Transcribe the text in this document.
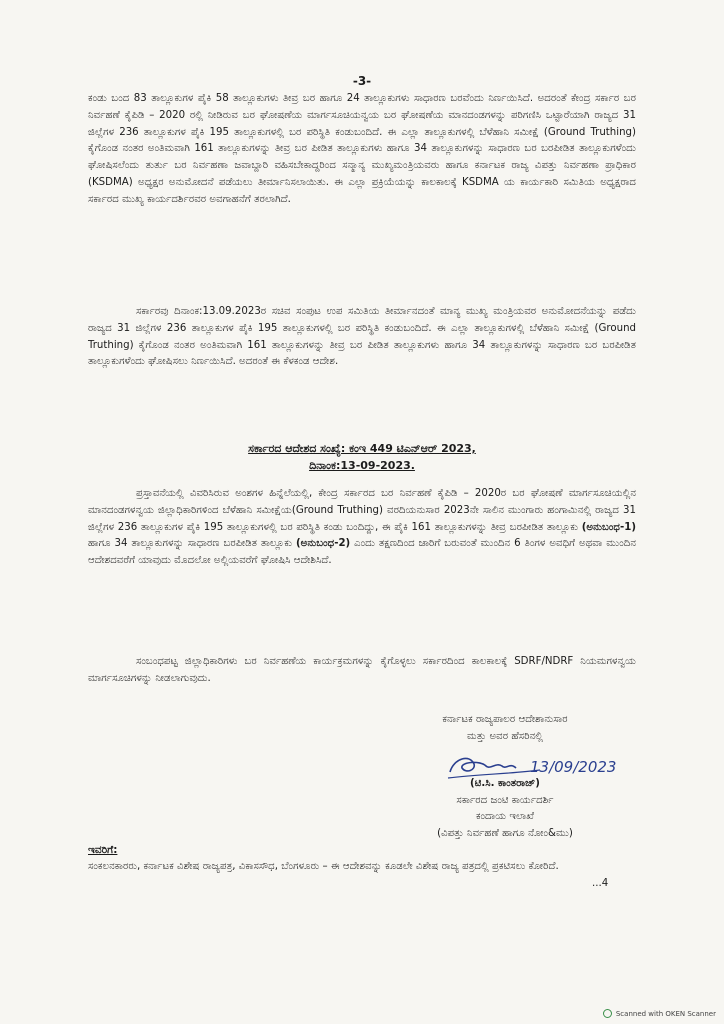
-3-

ಕಂಡು ಬಂದ 83 ತಾಲ್ಲೂಕುಗಳ ಪೈಕಿ 58 ತಾಲ್ಲೂಕುಗಳು ತೀವ್ರ ಬರ ಹಾಗೂ 24 ತಾಲ್ಲೂಕುಗಳು ಸಾಧಾರಣ ಬರವೆಂದು ನಿರ್ಣಯಿಸಿದೆ. ಅದರಂತೆ ಕೇಂದ್ರ ಸರ್ಕಾರ ಬರ ನಿರ್ವಹಣೆ ಕೈಪಿಡಿ – 2020 ರಲ್ಲಿ ನೀಡಿರುವ ಬರ ಘೋಷಣೆಯ ಮಾರ್ಗಸೂಚಿಯನ್ವಯ ಬರ ಘೋಷಣೆಯ ಮಾನದಂಡಗಳನ್ನು ಪರಿಗಣಿಸಿ ಒಟ್ಟಾರೆಯಾಗಿ ರಾಜ್ಯದ 31 ಜಿಲ್ಲೆಗಳ 236 ತಾಲ್ಲೂಕುಗಳ ಪೈಕಿ 195 ತಾಲ್ಲೂಕುಗಳಲ್ಲಿ ಬರ ಪರಿಸ್ಥಿತಿ ಕಂಡುಬಂದಿದೆ. ಈ ಎಲ್ಲಾ ತಾಲ್ಲೂಕುಗಳಲ್ಲಿ ಬೆಳೆಹಾನಿ ಸಮೀಕ್ಷೆ (Ground Truthing) ಕೈಗೊಂಡ ನಂತರ ಅಂತಿಮವಾಗಿ 161 ತಾಲ್ಲೂಕುಗಳನ್ನು ತೀವ್ರ ಬರ ಪೀಡಿತ ತಾಲ್ಲೂಕುಗಳು ಹಾಗೂ 34 ತಾಲ್ಲೂಕುಗಳನ್ನು ಸಾಧಾರಣ ಬರ ಬರಪೀಡಿತ ತಾಲ್ಲೂಕುಗಳೆಂದು ಘೋಷಿಸಲೆಂದು ತುರ್ತು ಬರ ನಿರ್ವಹಣಾ ಜವಾಬ್ದಾರಿ ವಹಿಸಬೇಕಾದ್ದರಿಂದ ಸನ್ಮಾನ್ಯ ಮುಖ್ಯಮಂತ್ರಿಯವರು ಹಾಗೂ ಕರ್ನಾಟಕ ರಾಜ್ಯ ವಿಪತ್ತು ನಿರ್ವಹಣಾ ಪ್ರಾಧಿಕಾರ (KSDMA) ಅಧ್ಯಕ್ಷರ ಅನುಮೋದನೆ ಪಡೆಯಲು ತೀರ್ಮಾನಿಸಲಾಯಿತು. ಈ ಎಲ್ಲಾ ಪ್ರಕ್ರಿಯೆಯನ್ನು ಕಾಲಕಾಲಕ್ಕೆ KSDMA ಯ ಕಾರ್ಯಕಾರಿ ಸಮಿತಿಯ ಅಧ್ಯಕ್ಷರಾದ ಸರ್ಕಾರದ ಮುಖ್ಯ ಕಾರ್ಯದರ್ಶಿರವರ ಅವಗಾಹನೆಗೆ ತರಲಾಗಿದೆ.

ಸರ್ಕಾರವು ದಿನಾಂಕ:13.09.2023ರ ಸಚಿವ ಸಂಪುಟ ಉಪ ಸಮಿತಿಯ ತೀರ್ಮಾನದಂತೆ ಮಾನ್ಯ ಮುಖ್ಯ ಮಂತ್ರಿಯವರ ಅನುಮೋದನೆಯನ್ನು ಪಡೆದು ರಾಜ್ಯದ 31 ಜಿಲ್ಲೆಗಳ 236 ತಾಲ್ಲೂಕುಗಳ ಪೈಕಿ 195 ತಾಲ್ಲೂಕುಗಳಲ್ಲಿ ಬರ ಪರಿಸ್ಥಿತಿ ಕಂಡುಬಂದಿದೆ. ಈ ಎಲ್ಲಾ ತಾಲ್ಲೂಕುಗಳಲ್ಲಿ ಬೆಳೆಹಾನಿ ಸಮೀಕ್ಷೆ (Ground Truthing) ಕೈಗೊಂಡ ನಂತರ ಅಂತಿಮವಾಗಿ 161 ತಾಲ್ಲೂಕುಗಳನ್ನು ತೀವ್ರ ಬರ ಪೀಡಿತ ತಾಲ್ಲೂಕುಗಳು ಹಾಗೂ 34 ತಾಲ್ಲೂಕುಗಳನ್ನು ಸಾಧಾರಣ ಬರ ಬರಪೀಡಿತ ತಾಲ್ಲೂಕುಗಳೆಂದು ಘೋಷಿಸಲು ನಿರ್ಣಯಿಸಿದೆ. ಅದರಂತೆ ಈ ಕೆಳಕಂಡ ಆದೇಶ.

ಸರ್ಕಾರದ ಆದೇಶದ ಸಂಖ್ಯೆ: ಕಂಇ 449 ಟಿಎನ್‌ಆರ್ 2023,
ದಿನಾಂಕ:13-09-2023.

ಪ್ರಸ್ತಾವನೆಯಲ್ಲಿ ವಿವರಿಸಿರುವ ಅಂಶಗಳ ಹಿನ್ನೆಲೆಯಲ್ಲಿ, ಕೇಂದ್ರ ಸರ್ಕಾರದ ಬರ ನಿರ್ವಹಣೆ ಕೈಪಿಡಿ – 2020ರ ಬರ ಘೋಷಣೆ ಮಾರ್ಗಸೂಚಿಯಲ್ಲಿನ ಮಾನದಂಡಗಳನ್ವಯ ಜಿಲ್ಲಾಧಿಕಾರಿಗಳಿಂದ ಬೆಳೆಹಾನಿ ಸಮೀಕ್ಷೆಯ(Ground Truthing) ವರದಿಯನುಸಾರ 2023ನೇ ಸಾಲಿನ ಮುಂಗಾರು ಹಂಗಾಮಿನಲ್ಲಿ ರಾಜ್ಯದ 31 ಜಿಲ್ಲೆಗಳ 236 ತಾಲ್ಲೂಕುಗಳ ಪೈಕಿ 195 ತಾಲ್ಲೂಕುಗಳಲ್ಲಿ ಬರ ಪರಿಸ್ಥಿತಿ ಕಂಡು ಬಂದಿದ್ದು, ಈ ಪೈಕಿ 161 ತಾಲ್ಲೂಕುಗಳನ್ನು ತೀವ್ರ ಬರಪೀಡಿತ ತಾಲ್ಲೂಕು (ಅನುಬಂಧ-1) ಹಾಗೂ 34 ತಾಲ್ಲೂಕುಗಳನ್ನು ಸಾಧಾರಣ ಬರಪೀಡಿತ ತಾಲ್ಲೂಕು (ಅನುಬಂಧ-2) ಎಂದು ತಕ್ಷಣದಿಂದ ಜಾರಿಗೆ ಬರುವಂತೆ ಮುಂದಿನ 6 ತಿಂಗಳ ಅವಧಿಗೆ ಅಥವಾ ಮುಂದಿನ ಆದೇಶದವರೆಗೆ ಯಾವುದು ಮೊದಲೋ ಅಲ್ಲಿಯವರೆಗೆ ಘೋಷಿಸಿ ಆದೇಶಿಸಿದೆ.

ಸಂಬಂಧಪಟ್ಟ ಜಿಲ್ಲಾಧಿಕಾರಿಗಳು ಬರ ನಿರ್ವಹಣೆಯ ಕಾರ್ಯಕ್ರಮಗಳನ್ನು ಕೈಗೊಳ್ಳಲು ಸರ್ಕಾರದಿಂದ ಕಾಲಕಾಲಕ್ಕೆ SDRF/NDRF ನಿಯಮಗಳನ್ವಯ ಮಾರ್ಗಸೂಚಿಗಳನ್ನು ನೀಡಲಾಗುವುದು.

ಕರ್ನಾಟಕ ರಾಜ್ಯಪಾಲರ ಆದೇಶಾನುಸಾರ
ಮತ್ತು ಅವರ ಹೆಸರಿನಲ್ಲಿ
13/09/2023
(ಟಿ.ಸಿ. ಕಾಂತರಾಜ್)
ಸರ್ಕಾರದ ಜಂಟಿ ಕಾರ್ಯದರ್ಶಿ
ಕಂದಾಯ ಇಲಾಖೆ
(ವಿಪತ್ತು ನಿರ್ವಹಣೆ ಹಾಗೂ ನೋಂ&ಮು)
ಇವರಿಗೆ:
ಸಂಕಲನಕಾರರು, ಕರ್ನಾಟಕ ವಿಶೇಷ ರಾಜ್ಯಪತ್ರ, ವಿಕಾಸಸೌಧ, ಬೆಂಗಳೂರು – ಈ ಆದೇಶವನ್ನು ಕೂಡಲೇ ವಿಶೇಷ ರಾಜ್ಯ ಪತ್ರದಲ್ಲಿ ಪ್ರಕಟಿಸಲು ಕೋರಿದೆ.
...4
Scanned with OKEN Scanner
